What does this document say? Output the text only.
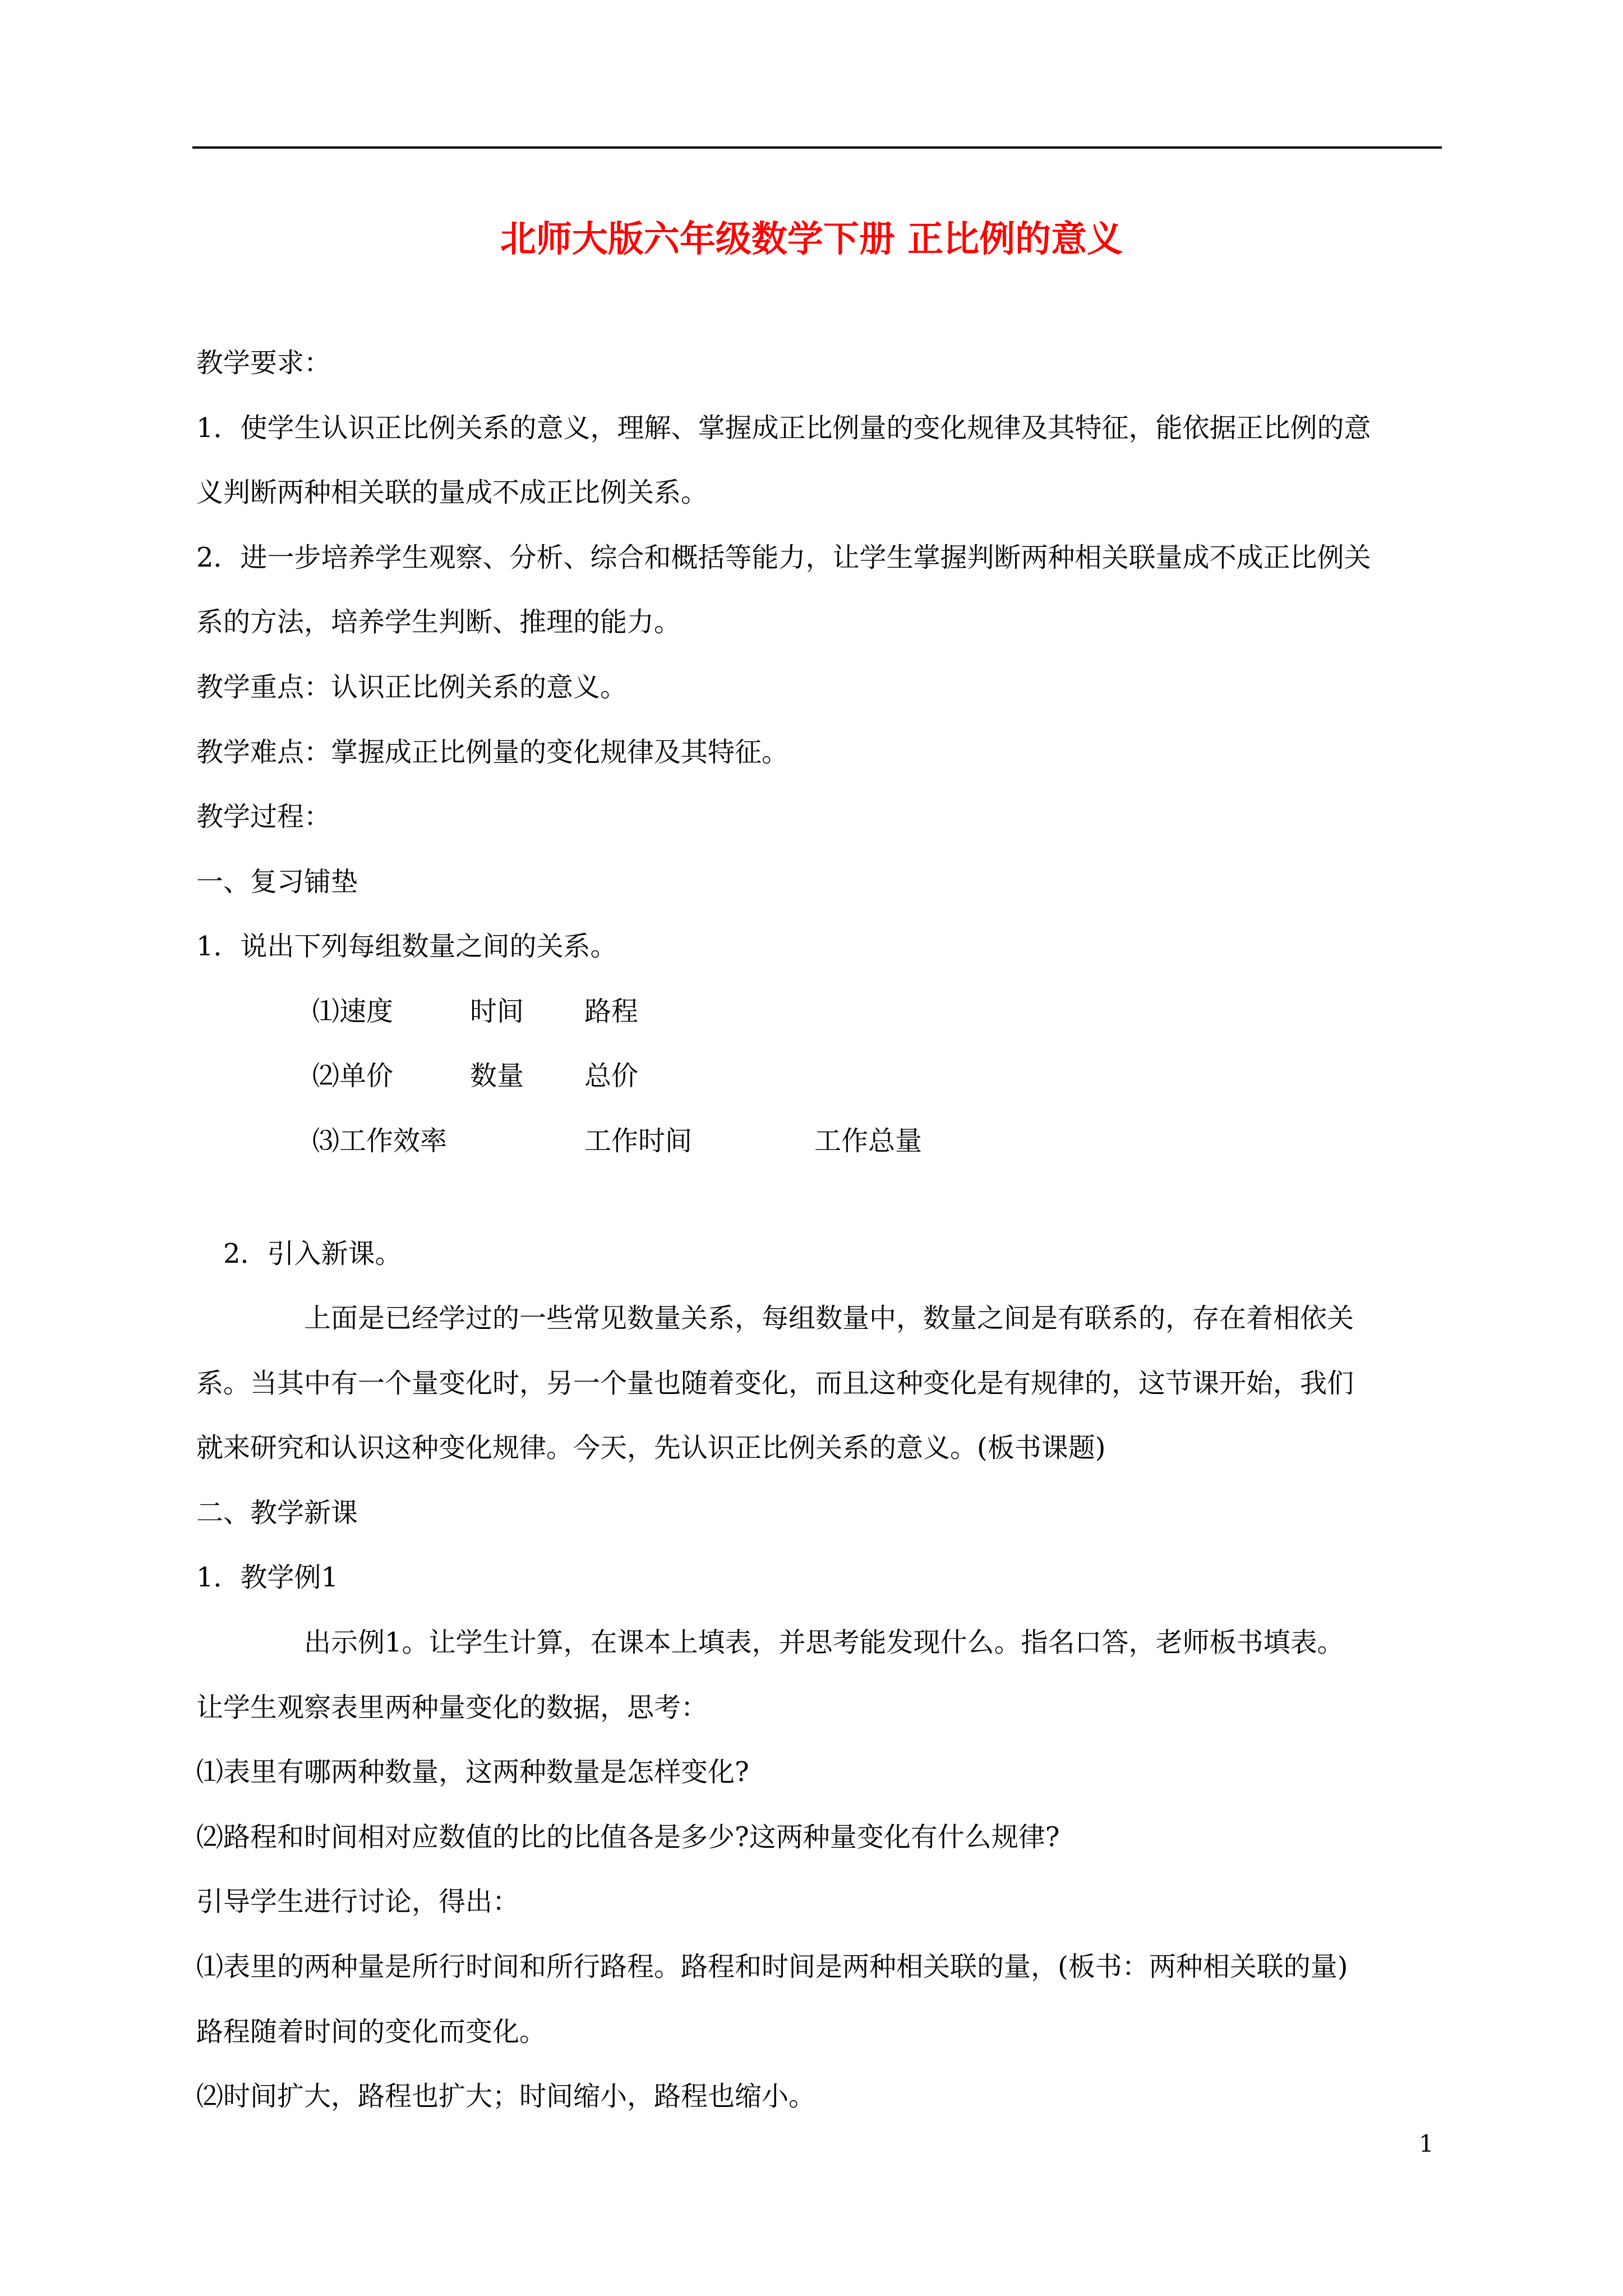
北师大版六年级数学下册 正比例的意义
教学要求：
1．使学生认识正比例关系的意义，理解、掌握成正比例量的变化规律及其特征，能依据正比例的意
义判断两种相关联的量成不成正比例关系。
2．进一步培养学生观察、分析、综合和概括等能力，让学生掌握判断两种相关联量成不成正比例关
系的方法，培养学生判断、推理的能力。
教学重点：认识正比例关系的意义。
教学难点：掌握成正比例量的变化规律及其特征。
教学过程：
一、复习铺垫
1．说出下列每组数量之间的关系。
⑴速度	时间 路程
⑵单价	数量 总价
⑶工作效率	工作时间	工作总量
2．引入新课。
上面是已经学过的一些常见数量关系，每组数量中，数量之间是有联系的，存在着相依关
系。当其中有一个量变化时，另一个量也随着变化，而且这种变化是有规律的，这节课开始，我们
就来研究和认识这种变化规律。今天，先认识正比例关系的意义。(板书课题)
二、教学新课
1．教学例1
出示例1。让学生计算，在课本上填表，并思考能发现什么。指名口答，老师板书填表。
让学生观察表里两种量变化的数据，思考：
⑴表里有哪两种数量，这两种数量是怎样变化?
⑵路程和时间相对应数值的比的比值各是多少?这两种量变化有什么规律?
引导学生进行讨论，得出：
⑴表里的两种量是所行时间和所行路程。路程和时间是两种相关联的量，(板书：两种相关联的量)
路程随着时间的变化而变化。
⑵时间扩大，路程也扩大；时间缩小，路程也缩小。
1
